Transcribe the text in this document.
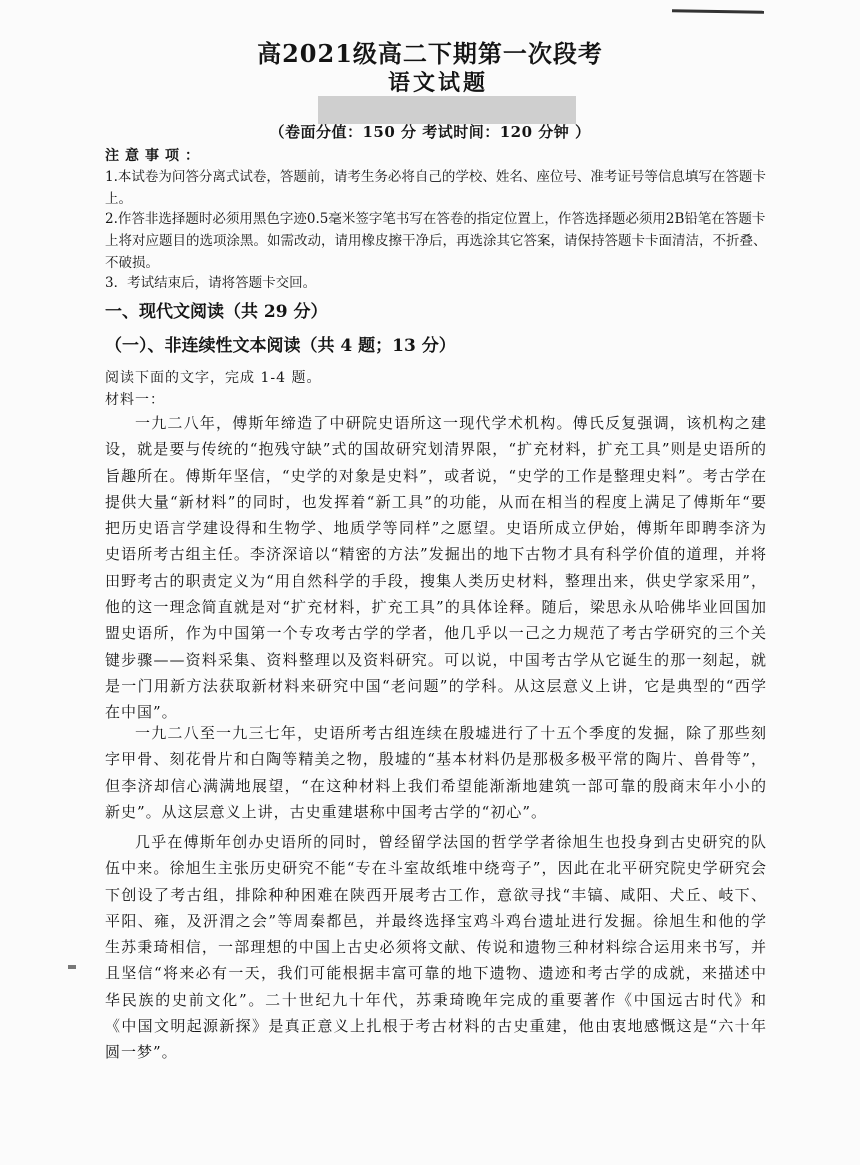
高2021级高二下期第一次段考
语文试题
（卷面分值：150 分 考试时间：120 分钟 ）
注意事项：
1.本试卷为问答分离式试卷，答题前，请考生务必将自己的学校、姓名、座位号、准考证号等信息填写在答题卡上。
2.作答非选择题时必须用黑色字迹0.5毫米签字笔书写在答卷的指定位置上，作答选择题必须用2B铅笔在答题卡上将对应题目的选项涂黑。如需改动，请用橡皮擦干净后，再选涂其它答案，请保持答题卡卡面清洁，不折叠、不破损。
3．考试结束后，请将答题卡交回。
一、现代文阅读（共 29 分）
（一）、非连续性文本阅读（共 4 题；13 分）
阅读下面的文字，完成 1-4 题。
材料一：
一九二八年，傅斯年缔造了中研院史语所这一现代学术机构。傅氏反复强调，该机构之建设，就是要与传统的“抱残守缺”式的国故研究划清界限，“扩充材料，扩充工具”则是史语所的旨趣所在。傅斯年坚信，“史学的对象是史料”，或者说，“史学的工作是整理史料”。考古学在提供大量“新材料”的同时，也发挥着“新工具”的功能，从而在相当的程度上满足了傅斯年“要把历史语言学建设得和生物学、地质学等同样”之愿望。史语所成立伊始，傅斯年即聘李济为史语所考古组主任。李济深谙以“精密的方法”发掘出的地下古物才具有科学价值的道理，并将田野考古的职责定义为“用自然科学的手段，搜集人类历史材料，整理出来，供史学家采用”，他的这一理念简直就是对“扩充材料，扩充工具”的具体诠释。随后，梁思永从哈佛毕业回国加盟史语所，作为中国第一个专攻考古学的学者，他几乎以一己之力规范了考古学研究的三个关键步骤——资料采集、资料整理以及资料研究。可以说，中国考古学从它诞生的那一刻起，就是一门用新方法获取新材料来研究中国“老问题”的学科。从这层意义上讲，它是典型的“西学在中国”。
一九二八至一九三七年，史语所考古组连续在殷墟进行了十五个季度的发掘，除了那些刻字甲骨、刻花骨片和白陶等精美之物，殷墟的“基本材料仍是那极多极平常的陶片、兽骨等”，但李济却信心满满地展望，“在这种材料上我们希望能渐渐地建筑一部可靠的殷商末年小小的新史”。从这层意义上讲，古史重建堪称中国考古学的“初心”。
几乎在傅斯年创办史语所的同时，曾经留学法国的哲学学者徐旭生也投身到古史研究的队伍中来。徐旭生主张历史研究不能“专在斗室故纸堆中绕弯子”，因此在北平研究院史学研究会下创设了考古组，排除种种困难在陕西开展考古工作，意欲寻找“丰镐、咸阳、犬丘、岐下、平阳、雍，及汧渭之会”等周秦都邑，并最终选择宝鸡斗鸡台遗址进行发掘。徐旭生和他的学生苏秉琦相信，一部理想的中国上古史必须将文献、传说和遗物三种材料综合运用来书写，并且坚信“将来必有一天，我们可能根据丰富可靠的地下遗物、遗迹和考古学的成就，来描述中华民族的史前文化”。二十世纪九十年代，苏秉琦晚年完成的重要著作《中国远古时代》和《中国文明起源新探》是真正意义上扎根于考古材料的古史重建，他由衷地感慨这是“六十年圆一梦”。
